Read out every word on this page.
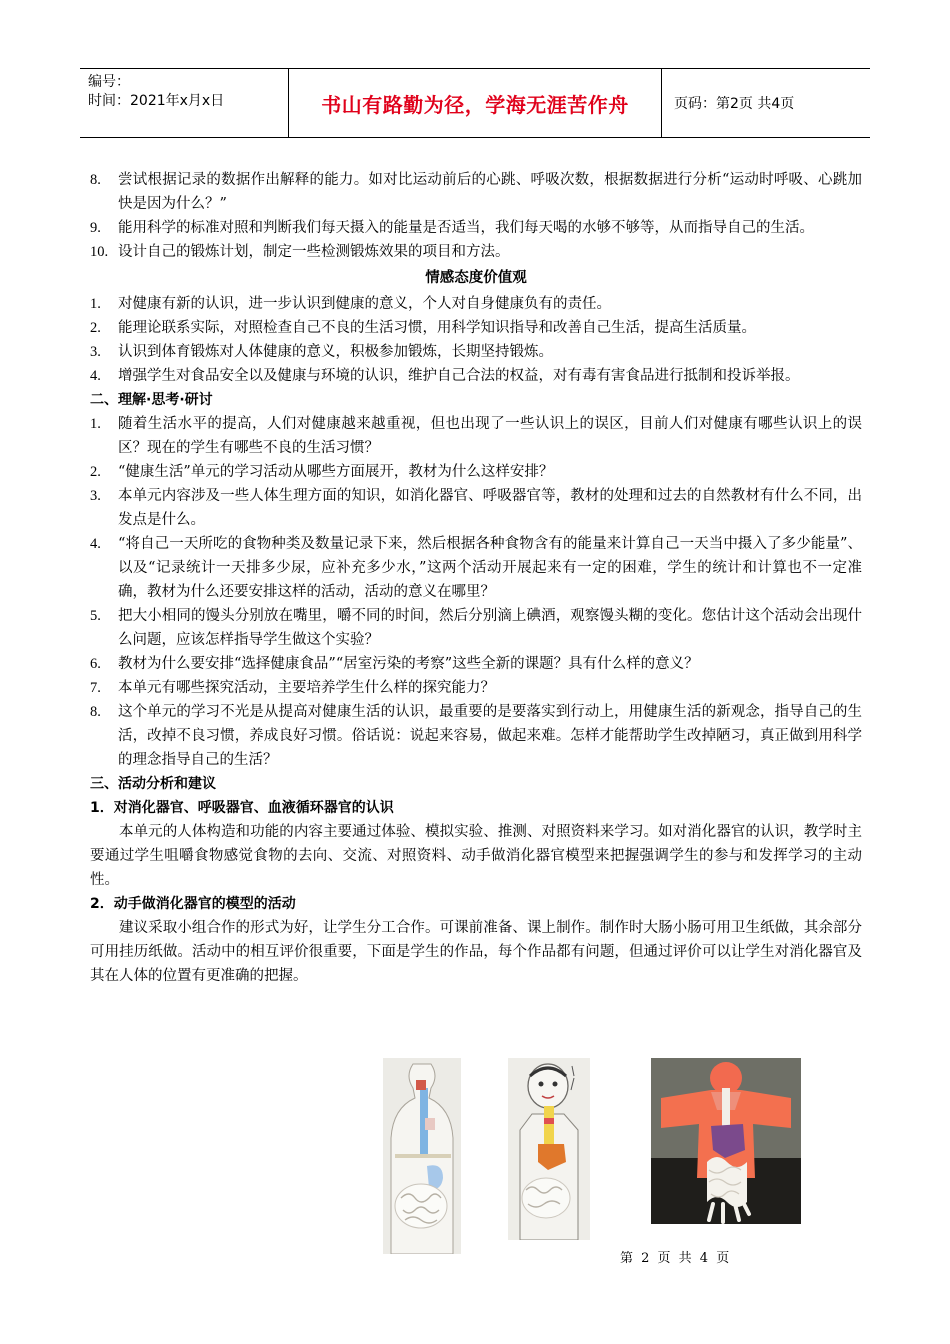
编号：
时间：2021年x月x日	书山有路勤为径，学海无涯苦作舟	页码：第2页 共4页
8.	尝试根据记录的数据作出解释的能力。如对比运动前后的心跳、呼吸次数，根据数据进行分析“运动时呼吸、心跳加快是因为什么？”
9.	能用科学的标准对照和判断我们每天摄入的能量是否适当，我们每天喝的水够不够等，从而指导自己的生活。
10. 设计自己的锻炼计划，制定一些检测锻炼效果的项目和方法。
情感态度价值观
1.	对健康有新的认识，进一步认识到健康的意义，个人对自身健康负有的责任。
2.	能理论联系实际，对照检查自己不良的生活习惯，用科学知识指导和改善自己生活，提高生活质量。
3.	认识到体育锻炼对人体健康的意义，积极参加锻炼，长期坚持锻炼。
4.	增强学生对食品安全以及健康与环境的认识，维护自己合法的权益，对有毒有害食品进行抵制和投诉举报。
二、理解·思考·研讨
1.	随着生活水平的提高，人们对健康越来越重视，但也出现了一些认识上的误区，目前人们对健康有哪些认识上的误区？现在的学生有哪些不良的生活习惯？
2.	“健康生活”单元的学习活动从哪些方面展开，教材为什么这样安排？
3.	本单元内容涉及一些人体生理方面的知识，如消化器官、呼吸器官等，教材的处理和过去的自然教材有什么不同，出发点是什么。
4.	“将自己一天所吃的食物种类及数量记录下来，然后根据各种食物含有的能量来计算自己一天当中摄入了多少能量”、以及“记录统计一天排多少尿，应补充多少水，”这两个活动开展起来有一定的困难，学生的统计和计算也不一定准确，教材为什么还要安排这样的活动，活动的意义在哪里？
5.	把大小相同的馒头分别放在嘴里，嚼不同的时间，然后分别滴上碘酒，观察馒头糊的变化。您估计这个活动会出现什么问题，应该怎样指导学生做这个实验？
6.	教材为什么要安排“选择健康食品”“居室污染的考察”这些全新的课题？具有什么样的意义？
7.	本单元有哪些探究活动，主要培养学生什么样的探究能力？
8.	这个单元的学习不光是从提高对健康生活的认识，最重要的是要落实到行动上，用健康生活的新观念，指导自己的生活，改掉不良习惯，养成良好习惯。俗话说：说起来容易，做起来难。怎样才能帮助学生改掉陋习，真正做到用科学的理念指导自己的生活？
三、活动分析和建议
1．对消化器官、呼吸器官、血液循环器官的认识
本单元的人体构造和功能的内容主要通过体验、模拟实验、推测、对照资料来学习。如对消化器官的认识，教学时主要通过学生咀嚼食物感觉食物的去向、交流、对照资料、动手做消化器官模型来把握强调学生的参与和发挥学习的主动性。
2．动手做消化器官的模型的活动
建议采取小组合作的形式为好，让学生分工合作。可课前准备、课上制作。制作时大肠小肠可用卫生纸做，其余部分可用挂历纸做。活动中的相互评价很重要，下面是学生的作品，每个作品都有问题，但通过评价可以让学生对消化器官及其在人体的位置有更准确的把握。
第 2 页 共 4 页
